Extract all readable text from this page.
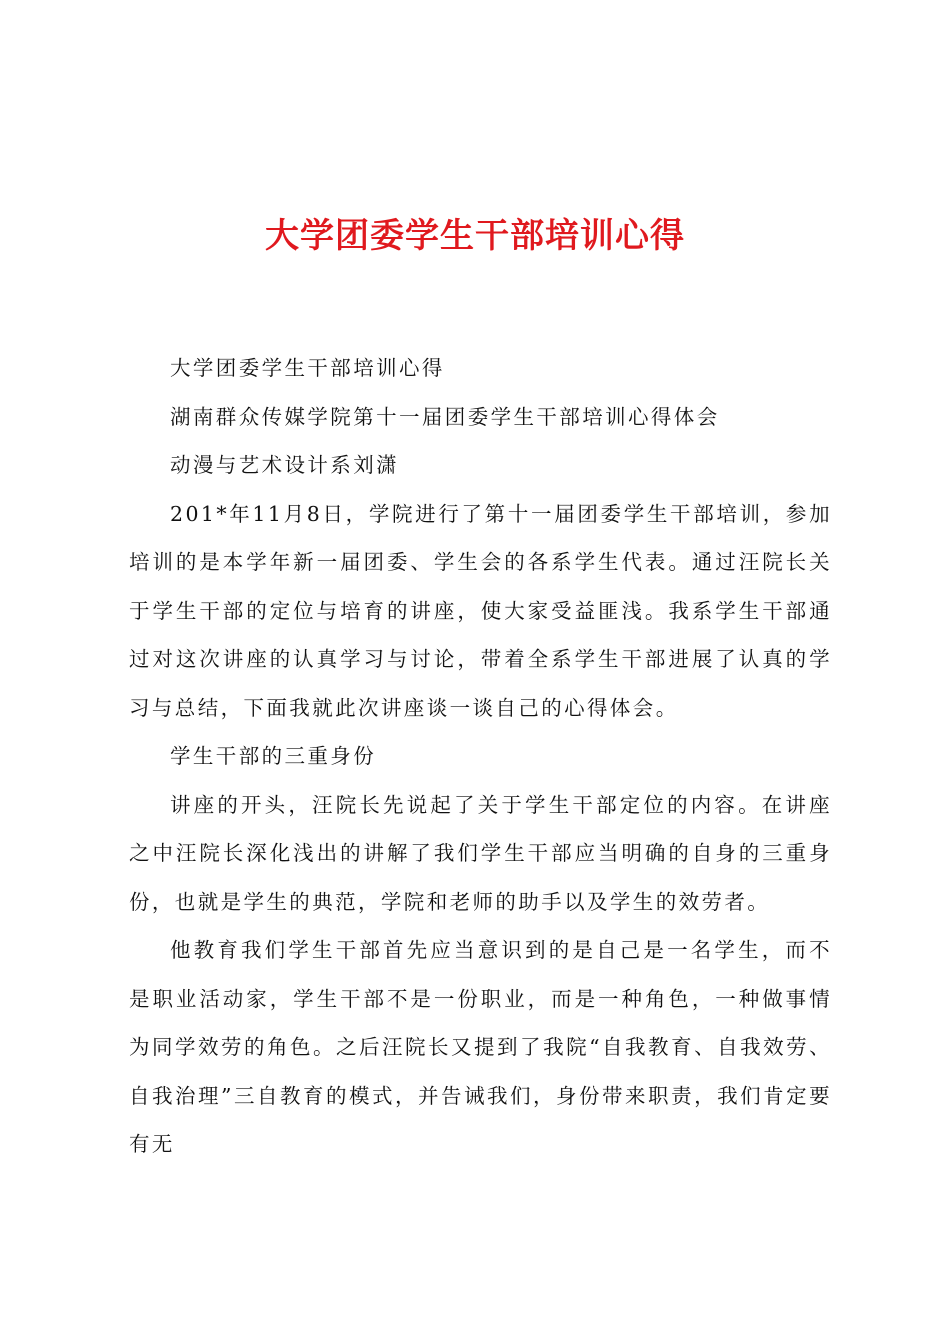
大学团委学生干部培训心得

大学团委学生干部培训心得

湖南群众传媒学院第十一届团委学生干部培训心得体会

动漫与艺术设计系刘潇

201*年11月8日，学院进行了第十一届团委学生干部培训，参加培训的是本学年新一届团委、学生会的各系学生代表。通过汪院长关于学生干部的定位与培育的讲座，使大家受益匪浅。我系学生干部通过对这次讲座的认真学习与讨论，带着全系学生干部进展了认真的学习与总结，下面我就此次讲座谈一谈自己的心得体会。

学生干部的三重身份

讲座的开头，汪院长先说起了关于学生干部定位的内容。在讲座之中汪院长深化浅出的讲解了我们学生干部应当明确的自身的三重身份，也就是学生的典范，学院和老师的助手以及学生的效劳者。

他教育我们学生干部首先应当意识到的是自己是一名学生，而不是职业活动家，学生干部不是一份职业，而是一种角色，一种做事情为同学效劳的角色。之后汪院长又提到了我院“自我教育、自我效劳、自我治理”三自教育的模式，并告诫我们，身份带来职责，我们肯定要有无
